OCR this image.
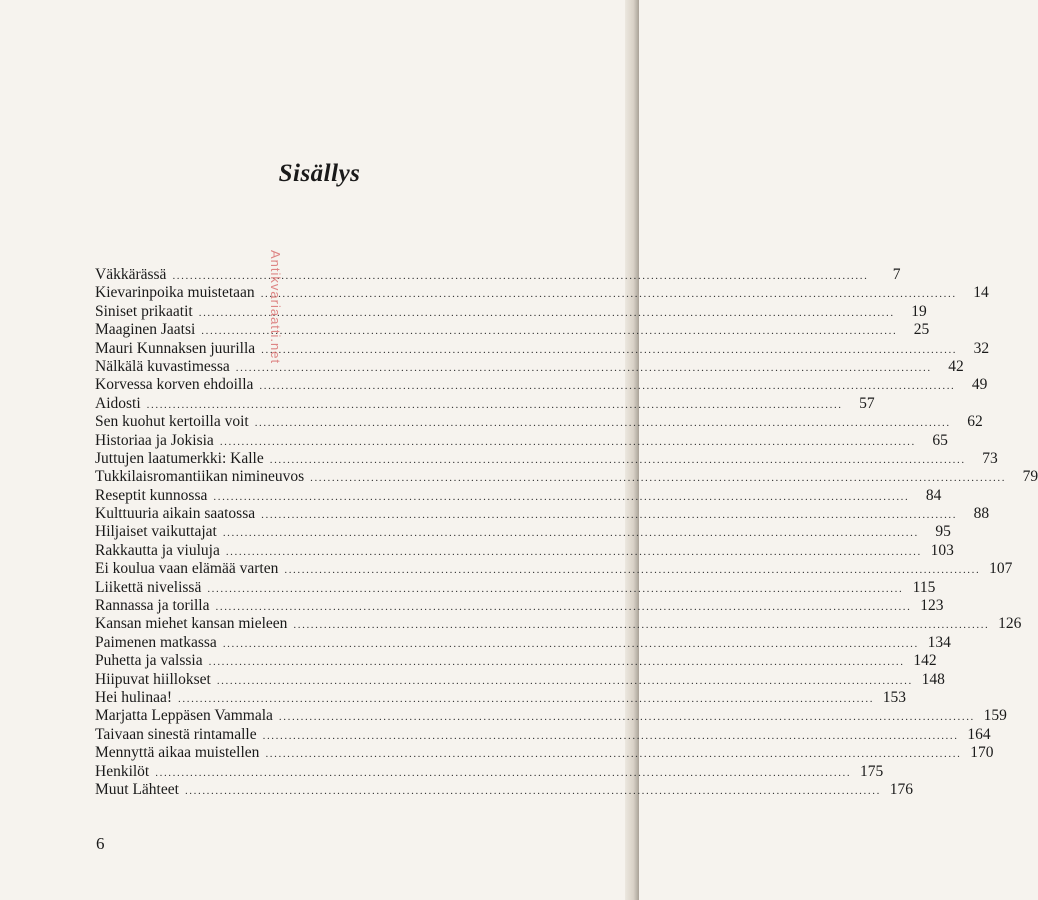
Sisällys
Väkkärässä ................................................................................................................................................................	7
Kievarinpoika muistetaan ................................................................................................................................................................	14
Siniset prikaatit ................................................................................................................................................................	19
Maaginen Jaatsi ................................................................................................................................................................	25
Mauri Kunnaksen juurilla ................................................................................................................................................................	32
Nälkälä kuvastimessa ................................................................................................................................................................	42
Korvessa korven ehdoilla ................................................................................................................................................................	49
Aidosti ................................................................................................................................................................	57
Sen kuohut kertoilla voit ................................................................................................................................................................	62
Historiaa ja Jokisia ................................................................................................................................................................	65
Juttujen laatumerkki: Kalle ................................................................................................................................................................	73
Tukkilaisromantiikan nimineuvos ................................................................................................................................................................	79
Reseptit kunnossa ................................................................................................................................................................	84
Kulttuuria aikain saatossa ................................................................................................................................................................	88
Hiljaiset vaikuttajat ................................................................................................................................................................	95
Rakkautta ja viuluja ................................................................................................................................................................ 103
Ei koulua vaan elämää varten ................................................................................................................................................................ 107
Liikettä nivelissä ................................................................................................................................................................ 115
Rannassa ja torilla ................................................................................................................................................................ 123
Kansan miehet kansan mieleen ................................................................................................................................................................ 126
Paimenen matkassa ................................................................................................................................................................ 134
Puhetta ja valssia ................................................................................................................................................................ 142
Hiipuvat hiillokset ................................................................................................................................................................ 148
Hei hulinaa! ................................................................................................................................................................ 153
Marjatta Leppäsen Vammala ................................................................................................................................................................ 159
Taivaan sinestä rintamalle ................................................................................................................................................................ 164
Mennyttä aikaa muistellen ................................................................................................................................................................ 170
Henkilöt ................................................................................................................................................................ 175
Muut Lähteet ................................................................................................................................................................ 176
Antikvariaatti.net
6
